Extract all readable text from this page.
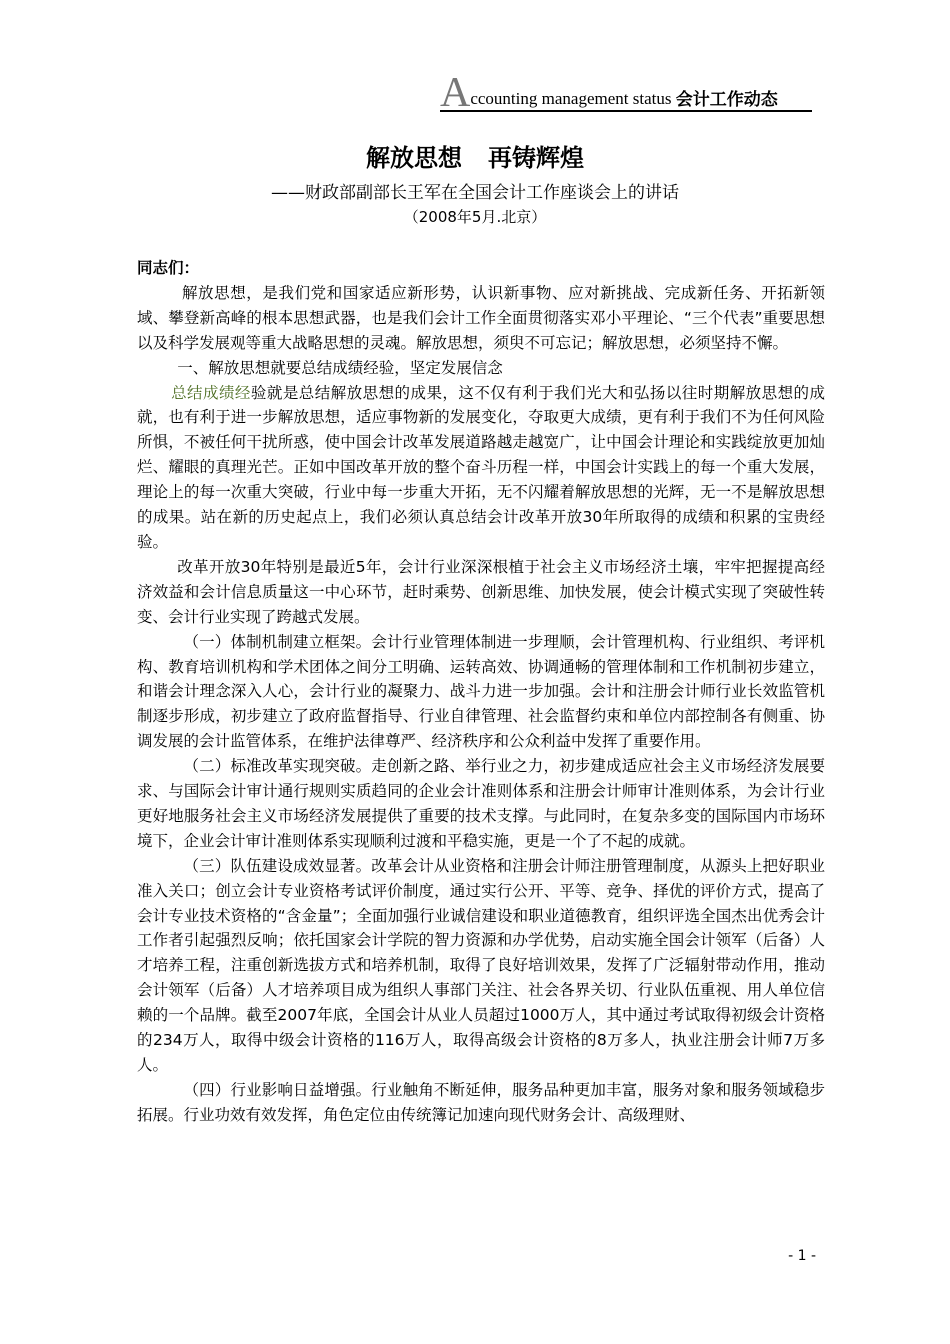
Accounting management status 会计工作动态
解放思想 再铸辉煌
——财政部副部长王军在全国会计工作座谈会上的讲话
（2008年5月.北京）

同志们：

解放思想，是我们党和国家适应新形势，认识新事物、应对新挑战、完成新任务、开拓新领域、攀登新高峰的根本思想武器，也是我们会计工作全面贯彻落实邓小平理论、“三个代表”重要思想以及科学发展观等重大战略思想的灵魂。解放思想，须臾不可忘记；解放思想，必须坚持不懈。

一、解放思想就要总结成绩经验，坚定发展信念

总结成绩经验就是总结解放思想的成果，这不仅有利于我们光大和弘扬以往时期解放思想的成就，也有利于进一步解放思想，适应事物新的发展变化，夺取更大成绩，更有利于我们不为任何风险所惧，不被任何干扰所惑，使中国会计改革发展道路越走越宽广，让中国会计理论和实践绽放更加灿烂、耀眼的真理光芒。正如中国改革开放的整个奋斗历程一样，中国会计实践上的每一个重大发展，理论上的每一次重大突破，行业中每一步重大开拓，无不闪耀着解放思想的光辉，无一不是解放思想的成果。站在新的历史起点上，我们必须认真总结会计改革开放30年所取得的成绩和积累的宝贵经验。

改革开放30年特别是最近5年，会计行业深深根植于社会主义市场经济土壤，牢牢把握提高经济效益和会计信息质量这一中心环节，赶时乘势、创新思维、加快发展，使会计模式实现了突破性转变、会计行业实现了跨越式发展。

（一）体制机制建立框架。会计行业管理体制进一步理顺，会计管理机构、行业组织、考评机构、教育培训机构和学术团体之间分工明确、运转高效、协调通畅的管理体制和工作机制初步建立，和谐会计理念深入人心，会计行业的凝聚力、战斗力进一步加强。会计和注册会计师行业长效监管机制逐步形成，初步建立了政府监督指导、行业自律管理、社会监督约束和单位内部控制各有侧重、协调发展的会计监管体系，在维护法律尊严、经济秩序和公众利益中发挥了重要作用。

（二）标准改革实现突破。走创新之路、举行业之力，初步建成适应社会主义市场经济发展要求、与国际会计审计通行规则实质趋同的企业会计准则体系和注册会计师审计准则体系，为会计行业更好地服务社会主义市场经济发展提供了重要的技术支撑。与此同时，在复杂多变的国际国内市场环境下，企业会计审计准则体系实现顺利过渡和平稳实施，更是一个了不起的成就。

（三）队伍建设成效显著。改革会计从业资格和注册会计师注册管理制度，从源头上把好职业准入关口；创立会计专业资格考试评价制度，通过实行公开、平等、竞争、择优的评价方式，提高了会计专业技术资格的“含金量”；全面加强行业诚信建设和职业道德教育，组织评选全国杰出优秀会计工作者引起强烈反响；依托国家会计学院的智力资源和办学优势，启动实施全国会计领军（后备）人才培养工程，注重创新选拔方式和培养机制，取得了良好培训效果，发挥了广泛辐射带动作用，推动会计领军（后备）人才培养项目成为组织人事部门关注、社会各界关切、行业队伍重视、用人单位信赖的一个品牌。截至2007年底，全国会计从业人员超过1000万人，其中通过考试取得初级会计资格的234万人，取得中级会计资格的116万人，取得高级会计资格的8万多人，执业注册会计师7万多人。

（四）行业影响日益增强。行业触角不断延伸，服务品种更加丰富，服务对象和服务领域稳步拓展。行业功效有效发挥，角色定位由传统簿记加速向现代财务会计、高级理财、

- 1 -
